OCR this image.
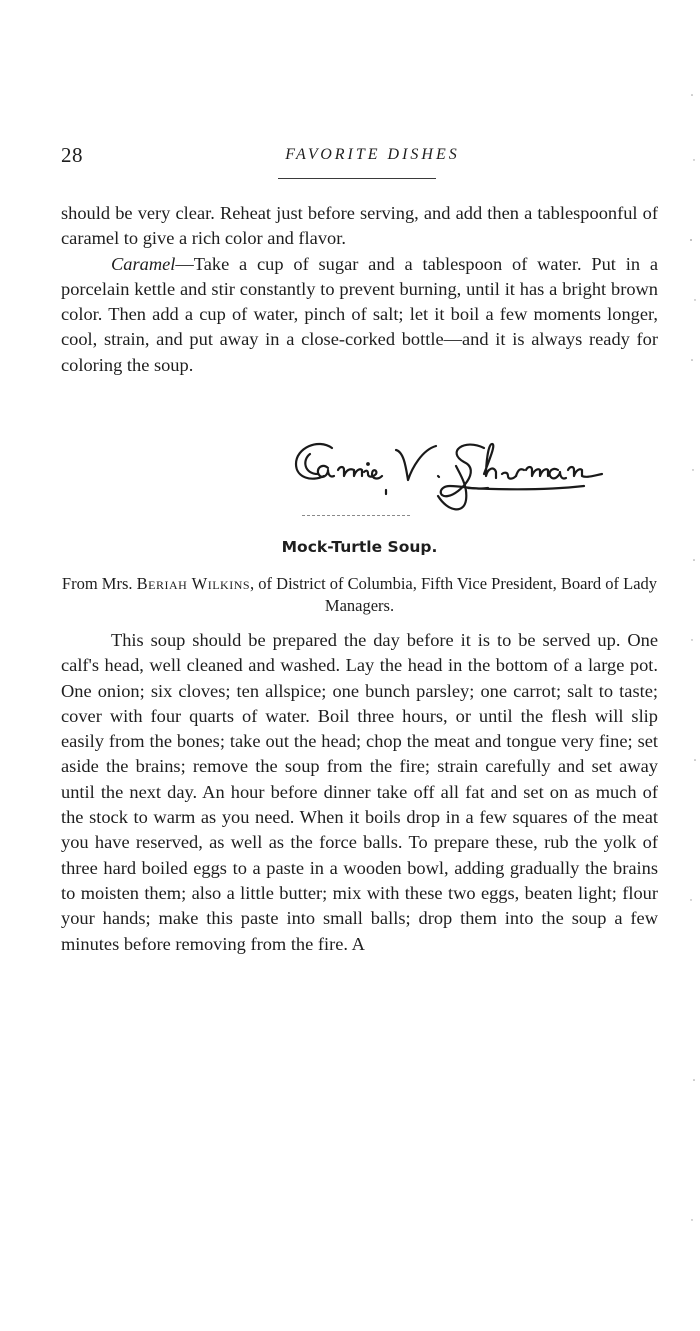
28	FAVORITE DISHES

should be very clear. Reheat just before serving, and add then a tablespoonful of caramel to give a rich color and flavor.

Caramel—Take a cup of sugar and a tablespoon of water. Put in a porcelain kettle and stir constantly to prevent burning, until it has a bright brown color. Then add a cup of water, pinch of salt; let it boil a few moments longer, cool, strain, and put away in a close-corked bottle—and it is always ready for coloring the soup.

Mock-Turtle Soup.
From Mrs. Beriah Wilkins, of District of Columbia, Fifth Vice President, Board of Lady Managers.

This soup should be prepared the day before it is to be served up. One calf's head, well cleaned and washed. Lay the head in the bottom of a large pot. One onion; six cloves; ten allspice; one bunch parsley; one carrot; salt to taste; cover with four quarts of water. Boil three hours, or until the flesh will slip easily from the bones; take out the head; chop the meat and tongue very fine; set aside the brains; remove the soup from the fire; strain carefully and set away until the next day. An hour before dinner take off all fat and set on as much of the stock to warm as you need. When it boils drop in a few squares of the meat you have reserved, as well as the force balls. To prepare these, rub the yolk of three hard boiled eggs to a paste in a wooden bowl, adding gradually the brains to moisten them; also a little butter; mix with these two eggs, beaten light; flour your hands; make this paste into small balls; drop them into the soup a few minutes before removing from the fire. A
